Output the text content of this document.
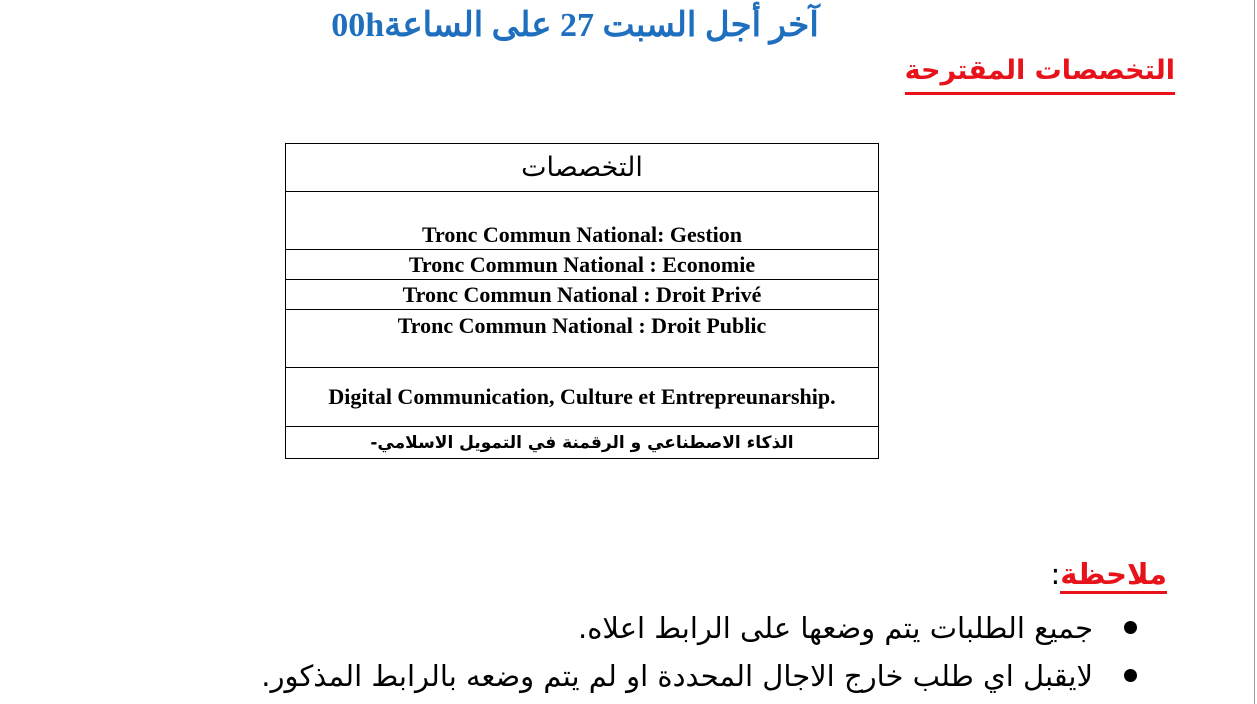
آخر أجل السبت 27 على الساعة00h
التخصصات المقترحة
التخصصات
Tronc Commun National: Gestion
Tronc Commun National : Economie
Tronc Commun National : Droit Privé
Tronc Commun National : Droit Public
Digital Communication, Culture et Entrepreunarship.
الذكاء الاصطناعي و الرقمنة في التمويل الاسلامي-
ملاحظة:
جميع الطلبات يتم وضعها على الرابط اعلاه.
لايقبل اي طلب خارج الاجال المحددة او لم يتم وضعه بالرابط المذكور.
